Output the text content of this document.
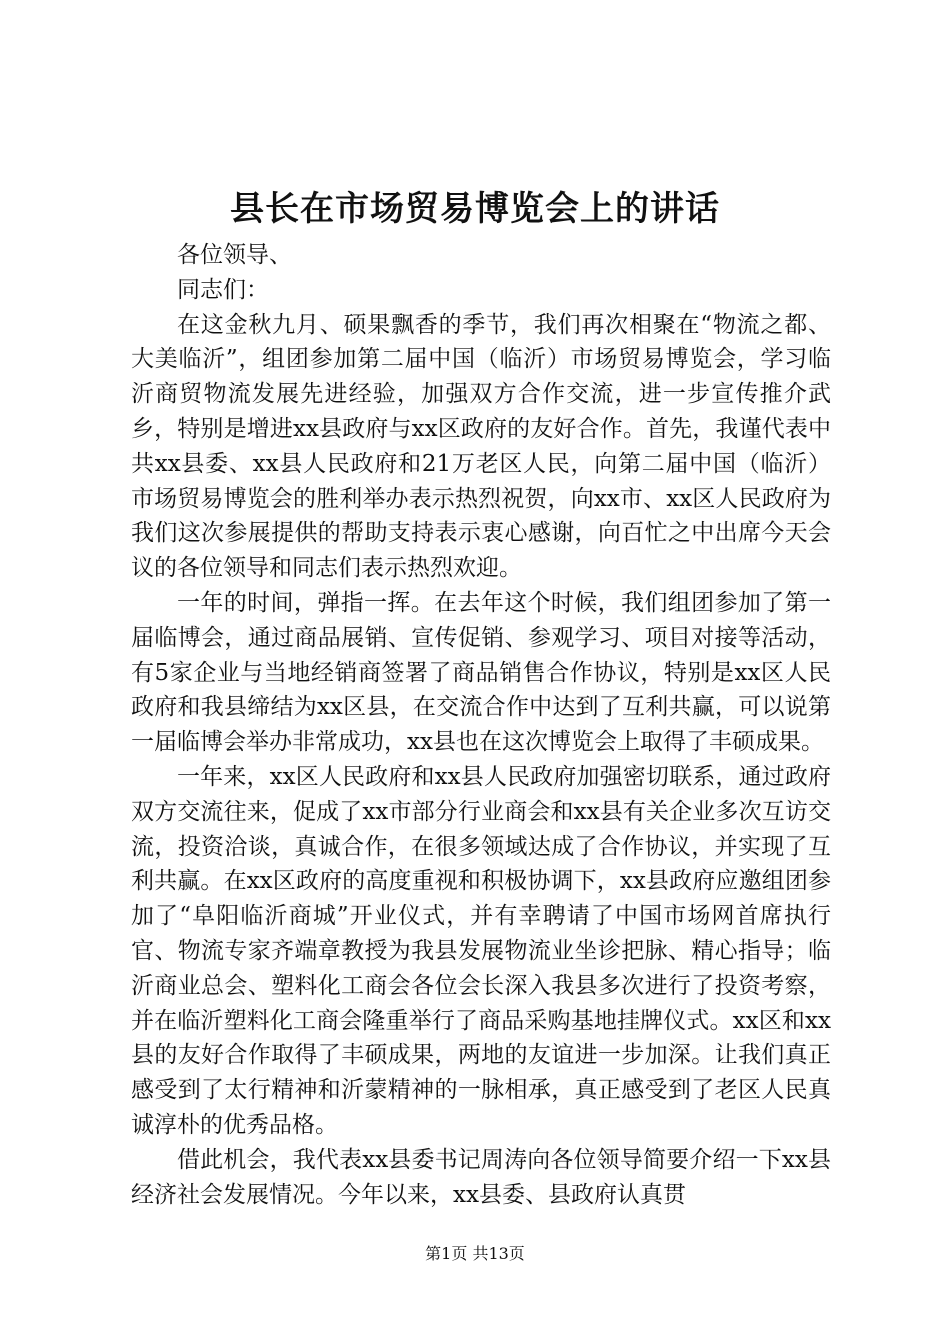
县长在市场贸易博览会上的讲话

各位领导、

同志们：

在这金秋九月、硕果飘香的季节，我们再次相聚在“物流之都、大美临沂”，组团参加第二届中国（临沂）市场贸易博览会，学习临沂商贸物流发展先进经验，加强双方合作交流，进一步宣传推介武乡，特别是增进xx县政府与xx区政府的友好合作。首先，我谨代表中共xx县委、xx县人民政府和21万老区人民，向第二届中国（临沂）市场贸易博览会的胜利举办表示热烈祝贺，向xx市、xx区人民政府为我们这次参展提供的帮助支持表示衷心感谢，向百忙之中出席今天会议的各位领导和同志们表示热烈欢迎。

一年的时间，弹指一挥。在去年这个时候，我们组团参加了第一届临博会，通过商品展销、宣传促销、参观学习、项目对接等活动，有5家企业与当地经销商签署了商品销售合作协议，特别是xx区人民政府和我县缔结为xx区县，在交流合作中达到了互利共赢，可以说第一届临博会举办非常成功，xx县也在这次博览会上取得了丰硕成果。

一年来，xx区人民政府和xx县人民政府加强密切联系，通过政府双方交流往来，促成了xx市部分行业商会和xx县有关企业多次互访交流，投资洽谈，真诚合作，在很多领域达成了合作协议，并实现了互利共赢。在xx区政府的高度重视和积极协调下，xx县政府应邀组团参加了“阜阳临沂商城”开业仪式，并有幸聘请了中国市场网首席执行官、物流专家齐端章教授为我县发展物流业坐诊把脉、精心指导；临沂商业总会、塑料化工商会各位会长深入我县多次进行了投资考察，并在临沂塑料化工商会隆重举行了商品采购基地挂牌仪式。xx区和xx县的友好合作取得了丰硕成果，两地的友谊进一步加深。让我们真正感受到了太行精神和沂蒙精神的一脉相承，真正感受到了老区人民真诚淳朴的优秀品格。

借此机会，我代表xx县委书记周涛向各位领导简要介绍一下xx县经济社会发展情况。今年以来，xx县委、县政府认真贯

第1页 共13页
